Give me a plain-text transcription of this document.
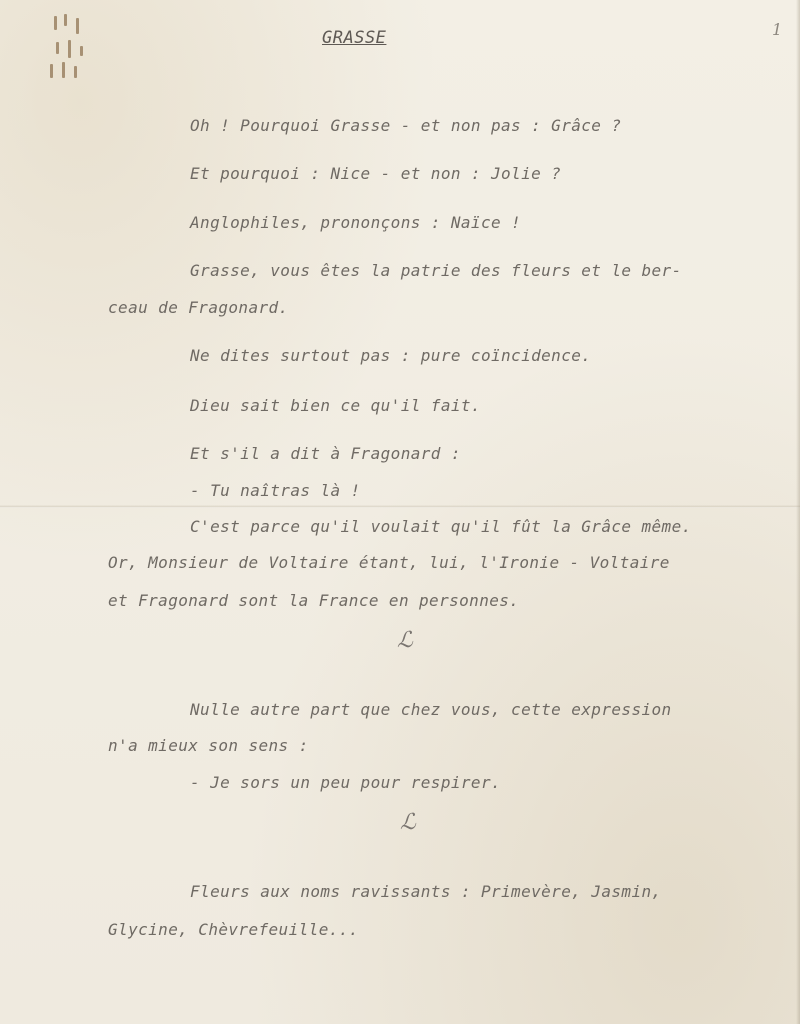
GRASSE	1
Oh ! Pourquoi Grasse - et non pas : Grâce ?
Et pourquoi : Nice - et non : Jolie ?
Anglophiles, prononçons : Naïce !
Grasse, vous êtes la patrie des fleurs et le ber-
ceau de Fragonard.
Ne dites surtout pas : pure coïncidence.
Dieu sait bien ce qu'il fait.
Et s'il a dit à Fragonard :
- Tu naîtras là !
C'est parce qu'il voulait qu'il fût la Grâce même.
Or, Monsieur de Voltaire étant, lui, l'Ironie - Voltaire
et Fragonard sont la France en personnes.
ℒ
Nulle autre part que chez vous, cette expression
n'a mieux son sens :
- Je sors un peu pour respirer.
ℒ
Fleurs aux noms ravissants : Primevère, Jasmin,
Glycine, Chèvrefeuille...
